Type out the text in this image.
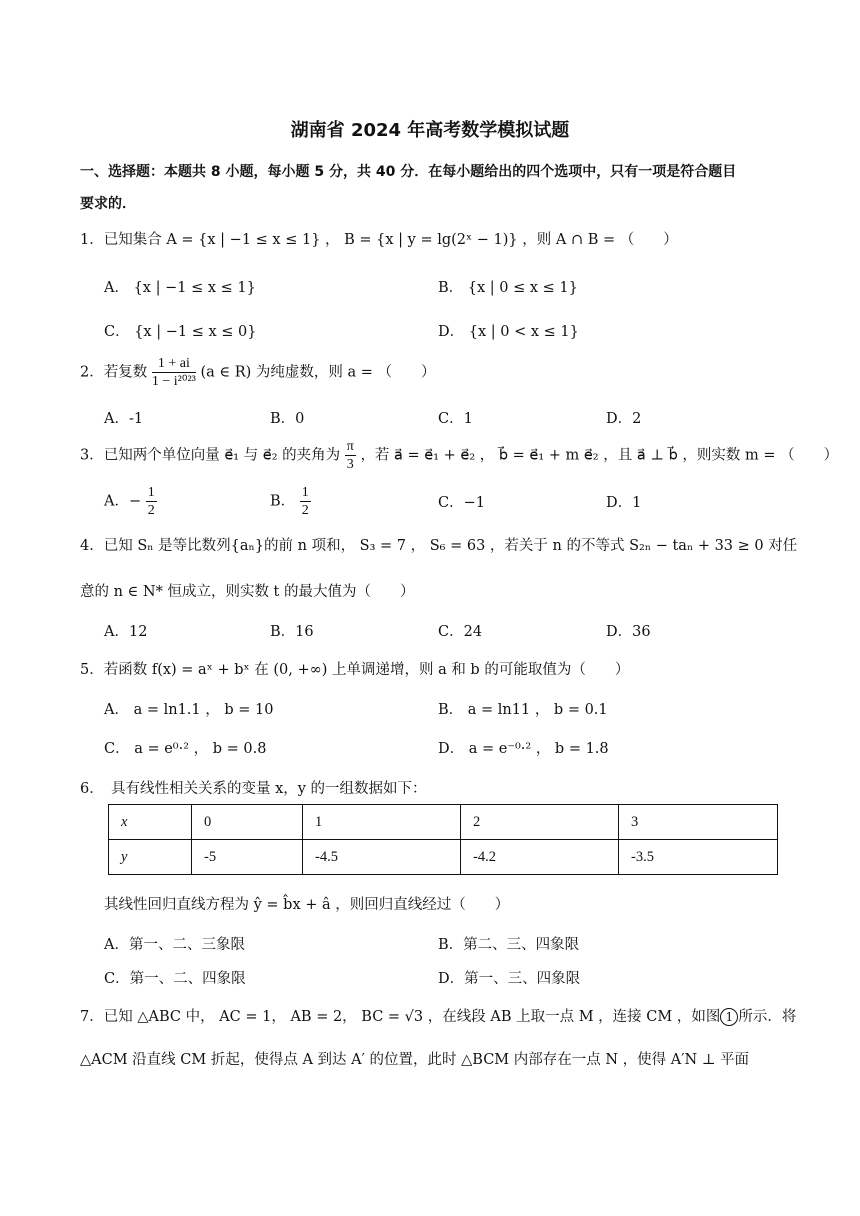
湖南省 2024 年高考数学模拟试题
一、选择题：本题共 8 小题，每小题 5 分，共 40 分．在每小题给出的四个选项中，只有一项是符合题目
要求的．
1．已知集合 A = {x | −1 ≤ x ≤ 1} ， B = {x | y = lg(2ˣ − 1)} ，则 A ∩ B = （　　）
A． {x | −1 ≤ x ≤ 1}	B． {x | 0 ≤ x ≤ 1}
C． {x | −1 ≤ x ≤ 0}	D． {x | 0 < x ≤ 1}
2．若复数 $\frac{1 + ai}{\text{1 − i²⁰²³}} (a$ ∈ R) 为纯虚数，则 a = （　　）
A．-1	B．0	C．1	D．2
3．已知两个单位向量 e⃗₁ 与 e⃗₂ 的夹角为 $\frac{\pi}{3}$ ，若 a⃗ = e⃗₁ + e⃗₂ ， b⃗ = e⃗₁ + m e⃗₂ ，且 a⃗ ⊥ b⃗ ，则实数 m = （　　）
A．− $\frac{1}{2}$	B． $\frac{1}{2}$	C．−1	D．1
4．已知 Sₙ 是等比数列{aₙ}的前 n 项和， S₃ = 7 ， S₆ = 63 ，若关于 n 的不等式 S₂ₙ − taₙ + 33 ≥ 0 对任
意的 n ∈ N* 恒成立，则实数 t 的最大值为（　　）
A．12	B．16	C．24	D．36
5．若函数 f(x) = aˣ + bˣ 在 (0, +∞) 上单调递增，则 a 和 b 的可能取值为（　　）
A． a = ln1.1 ， b = 10	B． a = ln11 ， b = 0.1
C． a = e⁰·² ， b = 0.8	D． a = e⁻⁰·² ， b = 1.8
6．　具有线性相关关系的变量 x，y 的一组数据如下：
x	0	1	2	3
y	-5	-4.5	-4.2	-3.5
其线性回归直线方程为 ŷ = b̂x + â ，则回归直线经过（　　）
A．第一、二、三象限	B．第二、三、四象限
C．第一、二、四象限	D．第一、三、四象限
7．已知 △ABC 中， AC = 1， AB = 2， BC = √3 ，在线段 AB 上取一点 M ，连接 CM ，如图 1 所示．将
△ACM 沿直线 CM 折起，使得点 A 到达 A′ 的位置，此时 △BCM 内部存在一点 N ，使得 A′N ⊥ 平面
